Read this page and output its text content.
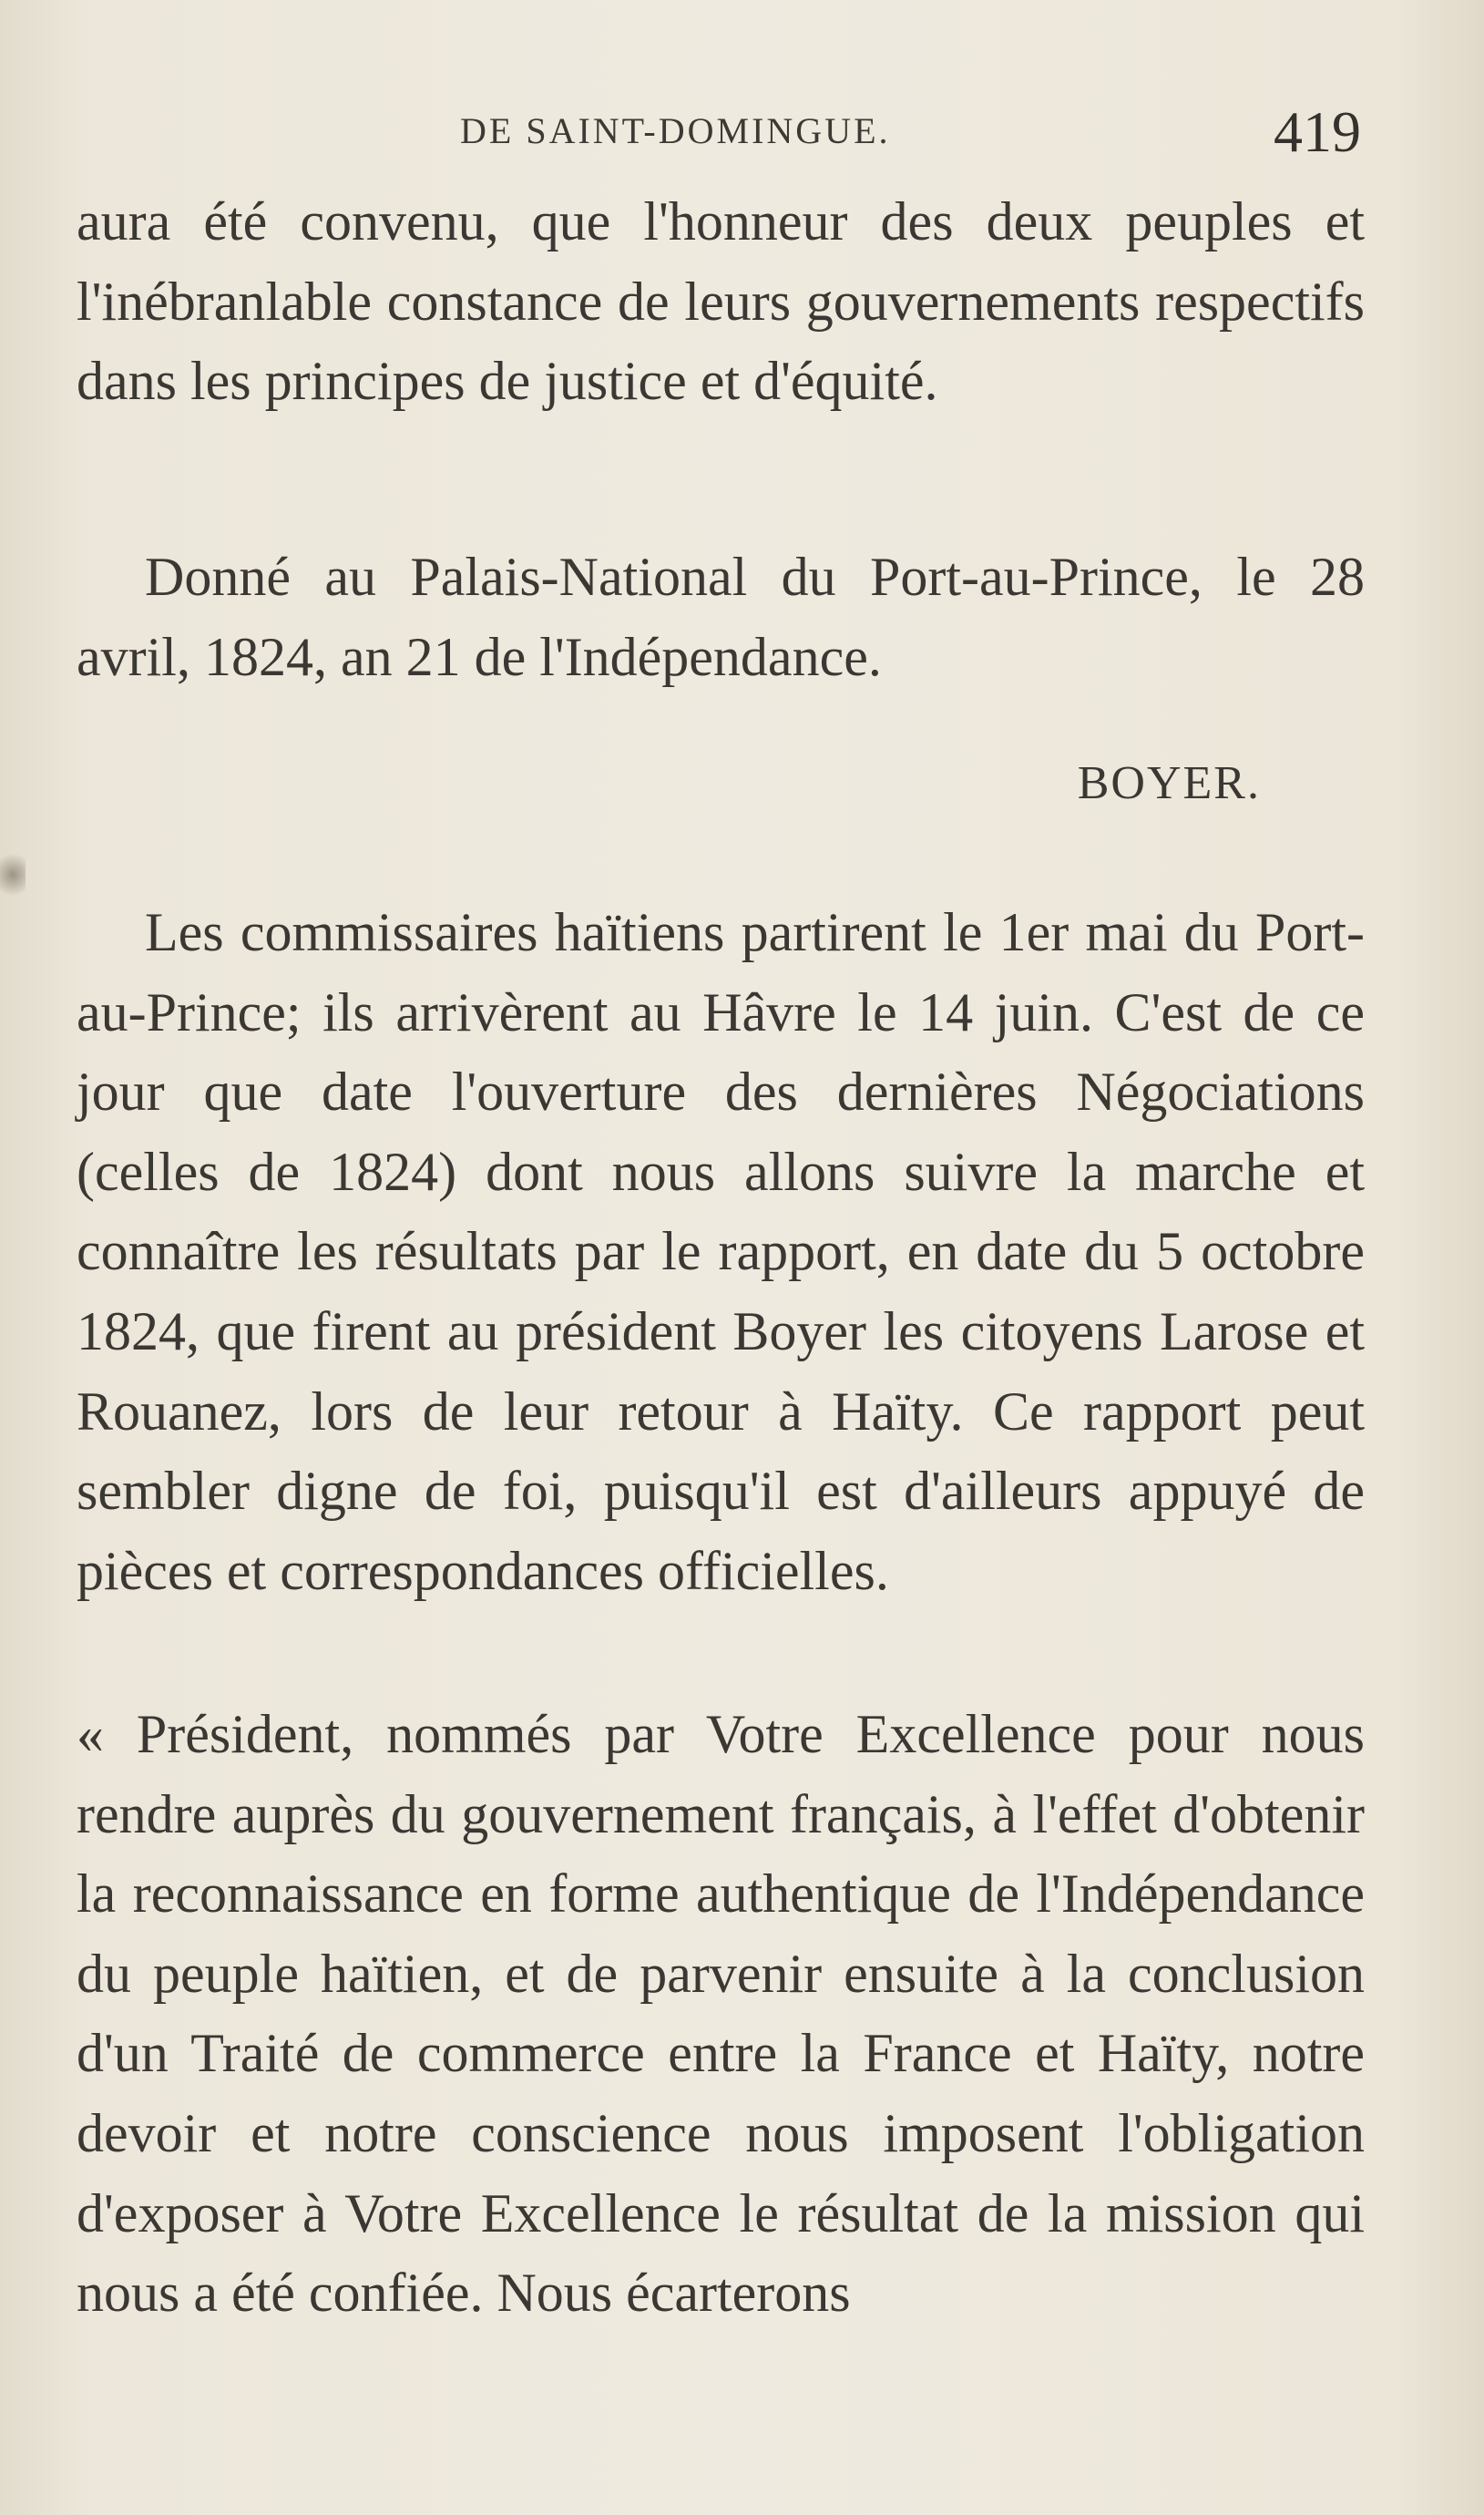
DE SAINT-DOMINGUE.	419

aura été convenu, que l'honneur des deux peuples et l'inébranlable constance de leurs gouvernements respectifs dans les principes de justice et d'équité.

Donné au Palais-National du Port-au-Prince, le 28 avril, 1824, an 21 de l'Indépendance.

BOYER.

Les commissaires haïtiens partirent le 1er mai du Port-au-Prince; ils arrivèrent au Hâvre le 14 juin. C'est de ce jour que date l'ouverture des dernières Négociations (celles de 1824) dont nous allons suivre la marche et connaître les résultats par le rapport, en date du 5 octobre 1824, que firent au président Boyer les citoyens Larose et Rouanez, lors de leur retour à Haïty. Ce rapport peut sembler digne de foi, puisqu'il est d'ailleurs appuyé de pièces et correspondances officielles.

« Président, nommés par Votre Excellence pour nous rendre auprès du gouvernement français, à l'effet d'obtenir la reconnaissance en forme authentique de l'Indépendance du peuple haïtien, et de parvenir ensuite à la conclusion d'un Traité de commerce entre la France et Haïty, notre devoir et notre conscience nous imposent l'obligation d'exposer à Votre Excellence le résultat de la mission qui nous a été confiée. Nous écarterons
